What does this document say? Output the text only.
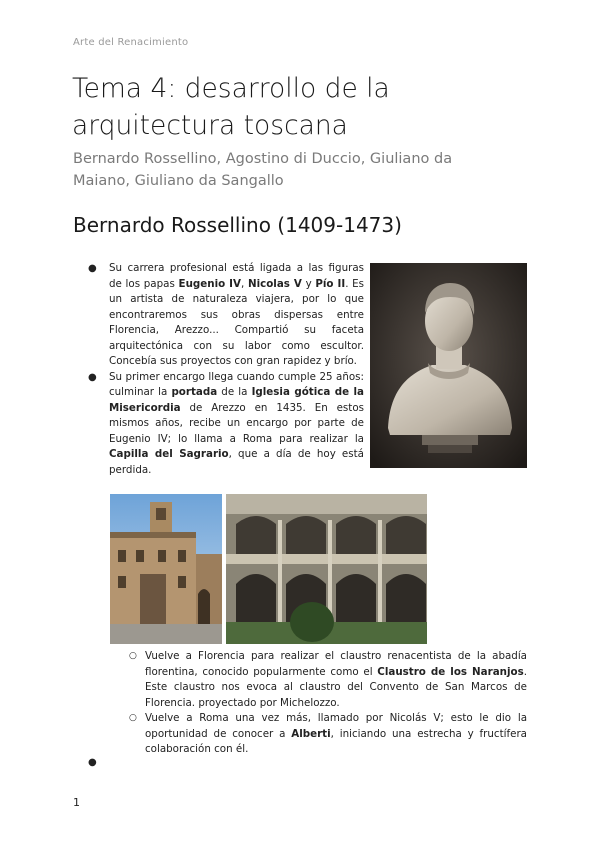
Arte del Renacimiento
Tema 4: desarrollo de la arquitectura toscana
Bernardo Rossellino, Agostino di Duccio, Giuliano da Maiano, Giuliano da Sangallo
Bernardo Rossellino (1409-1473)
● Su carrera profesional está ligada a las figuras de los papas Eugenio IV, Nicolas V y Pío II. Es un artista de naturaleza viajera, por lo que encontraremos sus obras dispersas entre Florencia, Arezzo... Compartió su faceta arquitectónica con su labor como escultor. Concebía sus proyectos con gran rapidez y brío.
● Su primer encargo llega cuando cumple 25 años: culminar la portada de la Iglesia gótica de la Misericordia de Arezzo en 1435. En estos mismos años, recibe un encargo por parte de Eugenio IV; lo llama a Roma para realizar la Capilla del Sagrario, que a día de hoy está perdida.
○ Vuelve a Florencia para realizar el claustro renacentista de la abadía florentina, conocido popularmente como el Claustro de los Naranjos. Este claustro nos evoca al claustro del Convento de San Marcos de Florencia. proyectado por Michelozzo.
○ Vuelve a Roma una vez más, llamado por Nicolás V; esto le dio la oportunidad de conocer a Alberti, iniciando una estrecha y fructífera colaboración con él.
●
1
